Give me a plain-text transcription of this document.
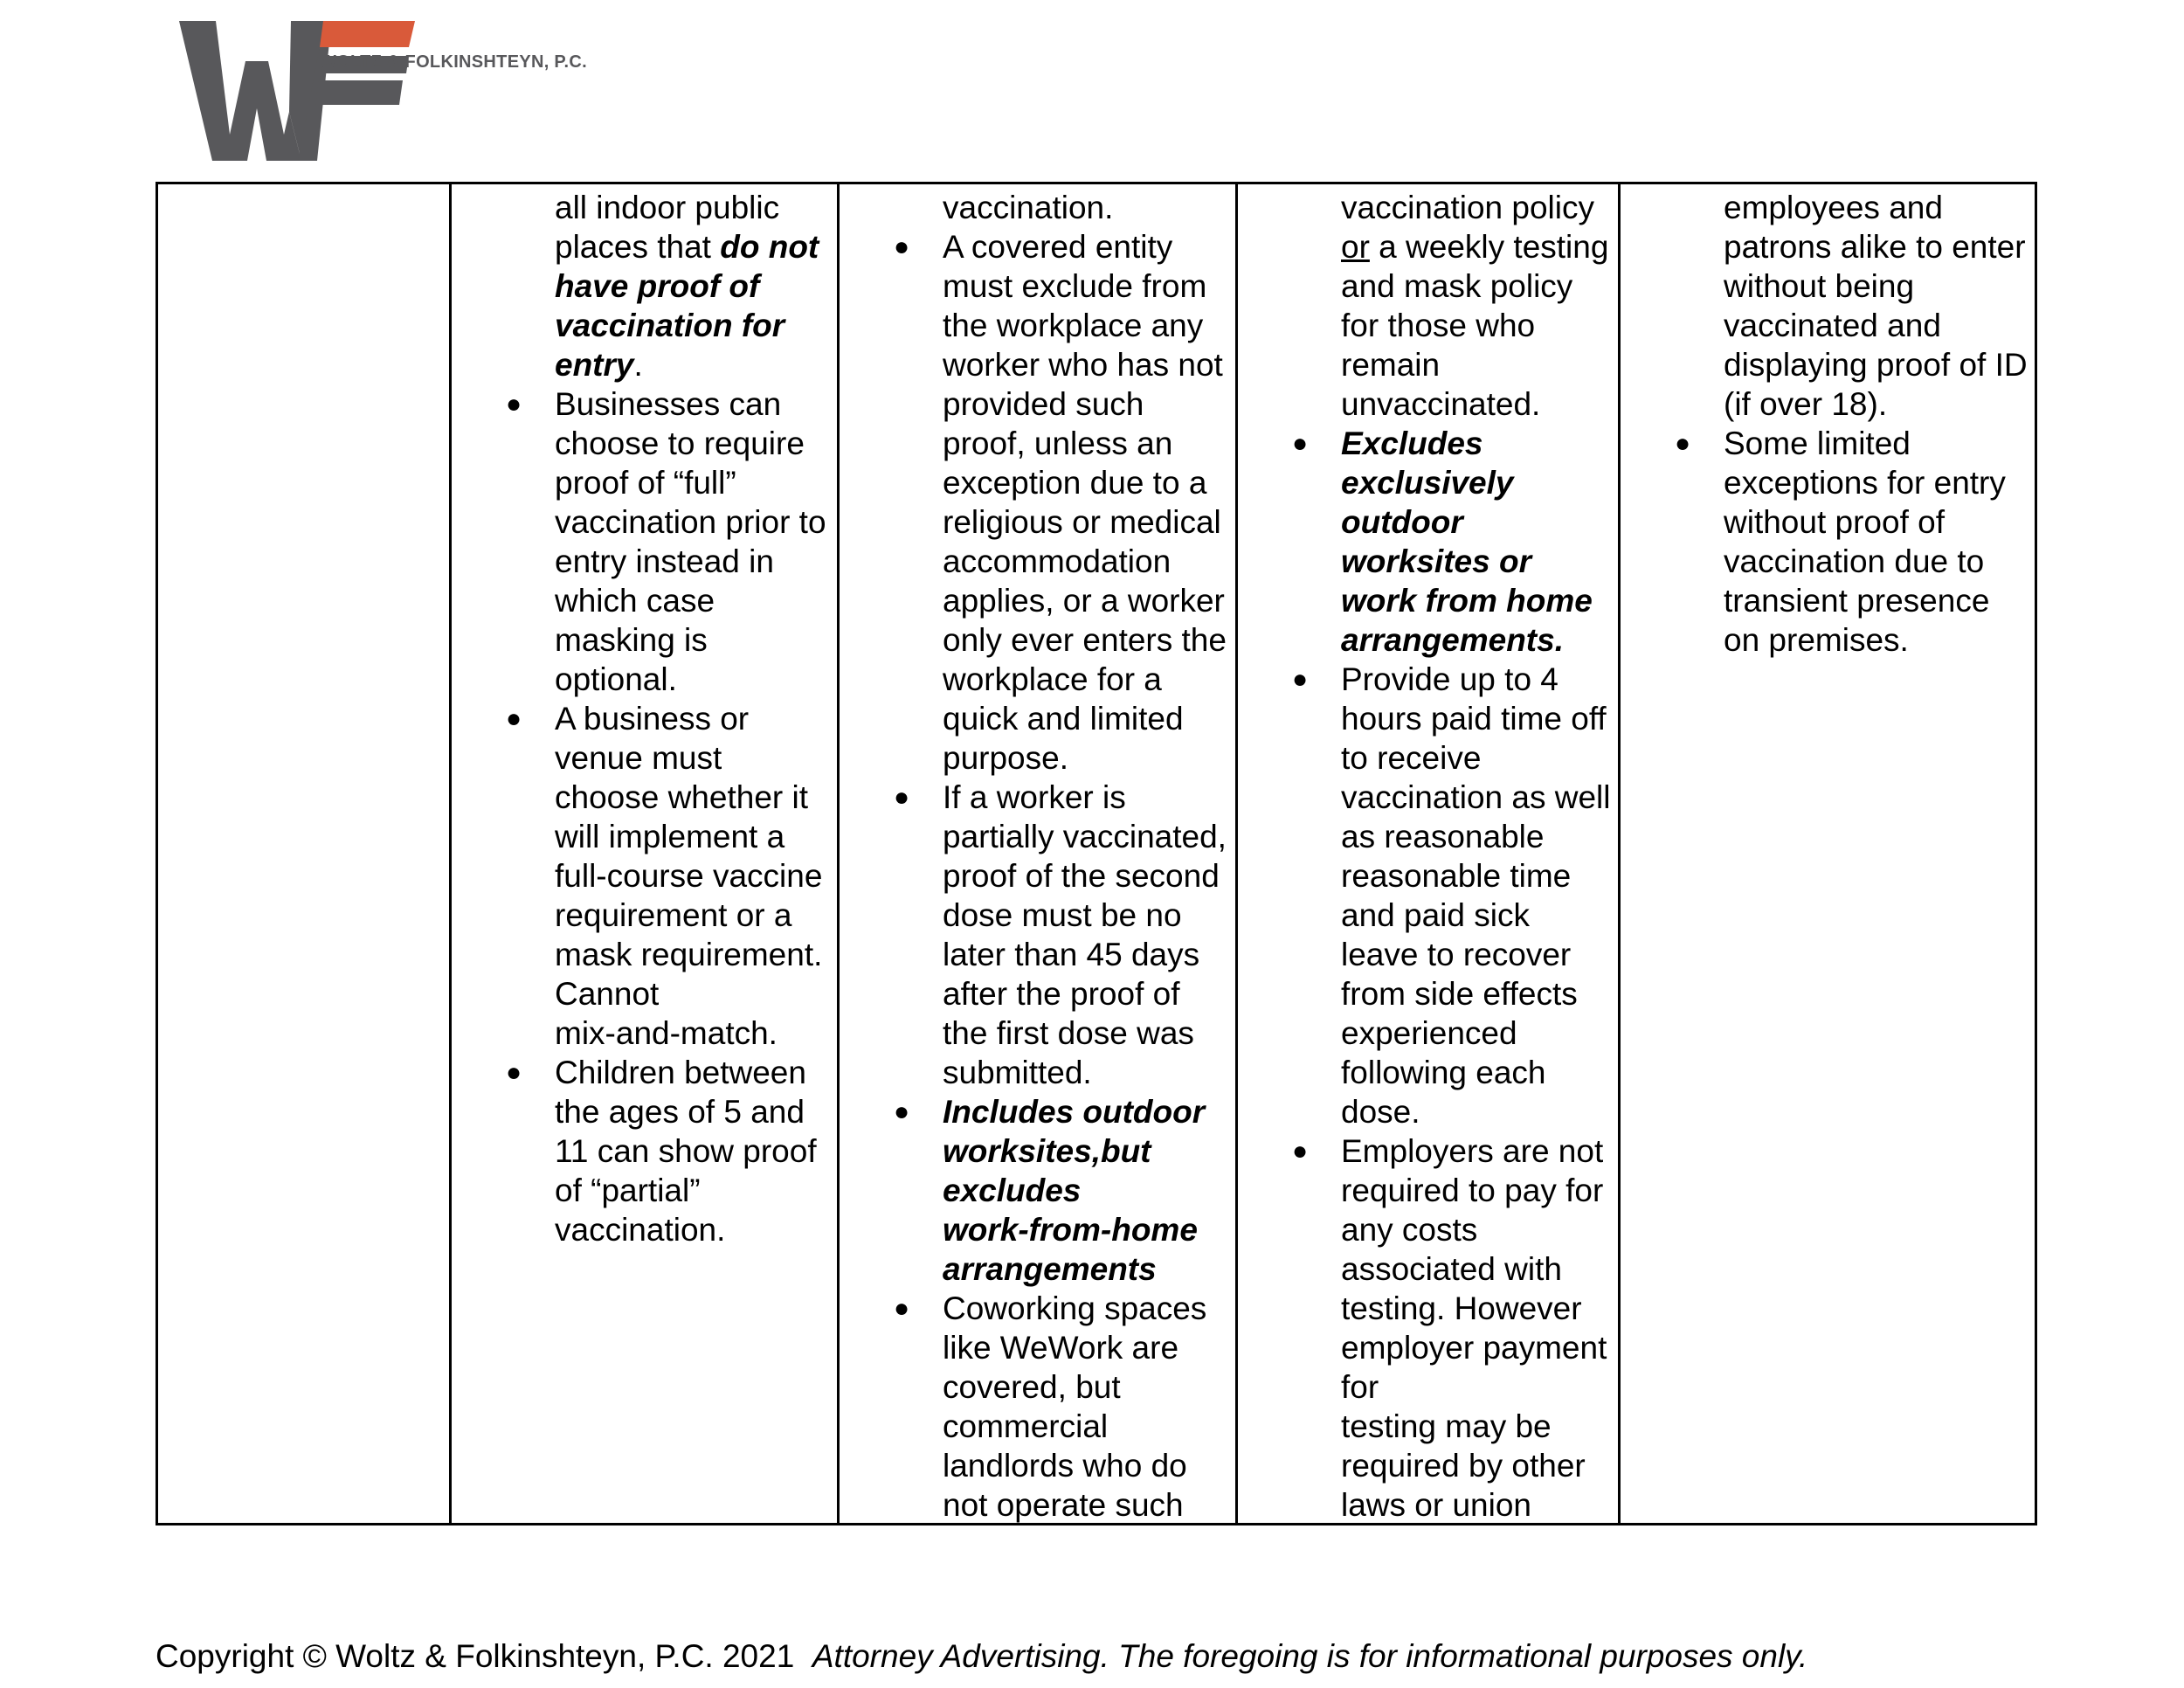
WOLTZ & FOLKINSHTEYN, P.C.
all indoor public
places that do not
have proof of
vaccination for
entry.
● Businesses can
choose to require
proof of “full”
vaccination prior to
entry instead in
which case
masking is
optional.
● A business or
venue must
choose whether it
will implement a
full-course vaccine
requirement or a
mask requirement.
Cannot
mix-and-match.
● Children between
the ages of 5 and
11 can show proof
of “partial”
vaccination.
vaccination.
● A covered entity
must exclude from
the workplace any
worker who has not
provided such
proof, unless an
exception due to a
religious or medical
accommodation
applies, or a worker
only ever enters the
workplace for a
quick and limited
purpose.
● If a worker is
partially vaccinated,
proof of the second
dose must be no
later than 45 days
after the proof of
the first dose was
submitted.
● Includes outdoor
worksites,but
excludes
work-from-home
arrangements
● Coworking spaces
like WeWork are
covered, but
commercial
landlords who do
not operate such
vaccination policy
or a weekly testing
and mask policy
for those who
remain
unvaccinated.
● Excludes
exclusively
outdoor
worksites or
work from home
arrangements.
● Provide up to 4
hours paid time off
to receive
vaccination as well
as reasonable
reasonable time
and paid sick
leave to recover
from side effects
experienced
following each
dose.
● Employers are not
required to pay for
any costs
associated with
testing. However
employer payment
for
testing may be
required by other
laws or union
employees and
patrons alike to enter
without being
vaccinated and
displaying proof of ID
(if over 18).
● Some limited
exceptions for entry
without proof of
vaccination due to
transient presence
on premises.
Copyright © Woltz & Folkinshteyn, P.C. 2021 Attorney Advertising. The foregoing is for informational purposes only.
